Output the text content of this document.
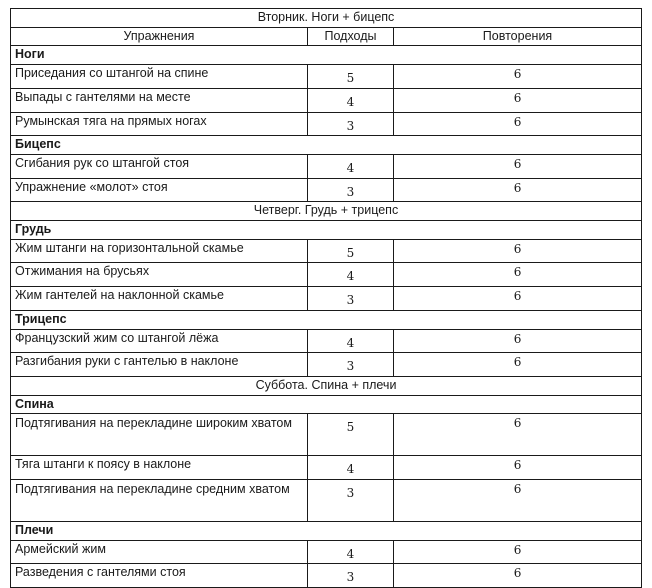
Вторник. Ноги + бицепс		
Упражнения	Подходы	Повторения
Ноги		
Приседания со штангой на спине	5	6
Выпады с гантелями на месте	4	6
Румынская тяга на прямых ногах	3	6
Бицепс		
Сгибания рук со штангой стоя	4	6
Упражнение «молот» стоя	3	6
Четверг. Грудь + трицепс		
Грудь		
Жим штанги на горизонтальной скамье	5	6
Отжимания на брусьях	4	6
Жим гантелей на наклонной скамье	3	6
Трицепс		
Французский жим со штангой лёжа	4	6
Разгибания руки с гантелью в наклоне	3	6
Суббота. Спина + плечи		
Спина		
Подтягивания на перекладине широким хватом	5	6
Тяга штанги к поясу в наклоне	4	6
Подтягивания на перекладине средним хватом	3	6
Плечи		
Армейский жим	4	6
Разведения с гантелями стоя	3	6
